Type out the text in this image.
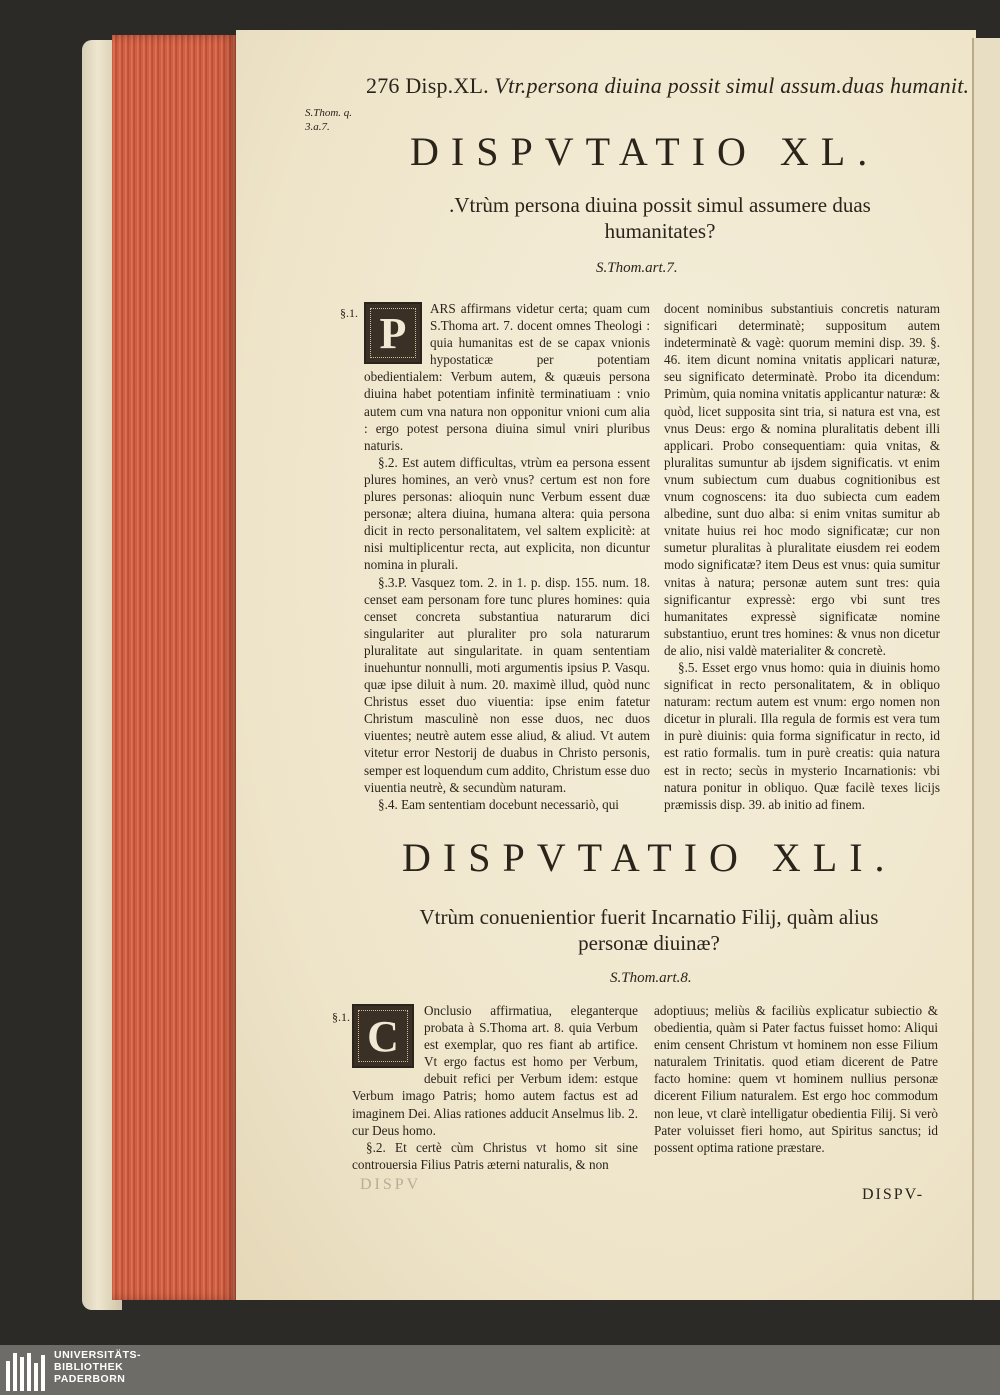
276 Disp.XL. Vtr.persona diuina possit simul assum.duas humanit.
S.Thom. q. 3.a.7.
DISPVTATIO XL.
.Vtrùm persona diuina possit simul assumere duas humanitates?
S.Thom.art.7.
§.1. P	ARS affirmans videtur certa; quam cum S.Thoma art. 7. docent omnes Theologi : quia humanitas est de se capax vnionis hypostaticæ per potentiam obedientialem: Verbum autem, & quæuis persona diuina habet potentiam infinitè terminatiuam : vnio autem cum vna natura non opponitur vnioni cum alia : ergo potest persona diuina simul vniri pluribus naturis.

§.2. Est autem difficultas, vtrùm ea persona essent plures homines, an verò vnus? certum est non fore plures personas: alioquin nunc Verbum essent duæ personæ; altera diuina, humana altera: quia persona dicit in recto personalitatem, vel saltem explicitè: at nisi multiplicentur recta, aut explicita, non dicuntur nomina in plurali.

§.3.P. Vasquez tom. 2. in 1. p. disp. 155. num. 18. censet eam personam fore tunc plures homines: quia censet concreta substantiua naturarum dici singulariter aut pluraliter pro sola naturarum pluralitate aut singularitate. in quam sententiam inuehuntur nonnulli, moti argumentis ipsius P. Vasqu. quæ ipse diluit à num. 20. maximè illud, quòd nunc Christus esset duo viuentia: ipse enim fatetur Christum masculinè non esse duos, nec duos viuentes; neutrè autem esse aliud, & aliud. Vt autem vitetur error Nestorij de duabus in Christo personis, semper est loquendum cum addito, Christum esse duo viuentia neutrè, & secundùm naturam.

§.4. Eam sententiam docebunt necessariò, qui

docent nominibus substantiuis concretis naturam significari determinatè; suppositum autem indeterminatè & vagè: quorum memini disp. 39. §. 46. item dicunt nomina vnitatis applicari naturæ, seu significato determinatè. Probo ita dicendum: Primùm, quia nomina vnitatis applicantur naturæ: & quòd, licet supposita sint tria, si natura est vna, est vnus Deus: ergo & nomina pluralitatis debent illi applicari. Probo consequentiam: quia vnitas, & pluralitas sumuntur ab ijsdem significatis. vt enim vnum subiectum cum duabus cognitionibus est vnum cognoscens: ita duo subiecta cum eadem albedine, sunt duo alba: si enim vnitas sumitur ab vnitate huius rei hoc modo significatæ; cur non sumetur pluralitas à pluralitate eiusdem rei eodem modo significatæ? item Deus est vnus: quia sumitur vnitas à natura; personæ autem sunt tres: quia significantur expressè: ergo vbi sunt tres humanitates expressè significatæ nomine substantiuo, erunt tres homines: & vnus non dicetur de alio, nisi valdè materialiter & concretè.

§.5. Esset ergo vnus homo: quia in diuinis homo significat in recto personalitatem, & in obliquo naturam: rectum autem est vnum: ergo nomen non dicetur in plurali. Illa regula de formis est vera tum in purè diuinis: quia forma significatur in recto, id est ratio formalis. tum in purè creatis: quia natura est in recto; secùs in mysterio Incarnationis: vbi natura ponitur in obliquo. Quæ facilè texes licijs præmissis disp. 39. ab initio ad finem.

DISPVTATIO XLI.
Vtrùm conuenientior fuerit Incarnatio Filij, quàm alius personæ diuinæ?
S.Thom.art.8.
§.1. C

Onclusio affirmatiua, eleganterque probata à S.Thoma art. 8. quia Verbum est exemplar, quo res fiant ab artifice. Vt ergo factus est homo per Verbum, debuit refici per Verbum idem: estque Verbum imago Patris; homo autem factus est ad imaginem Dei. Alias rationes adducit Anselmus lib. 2. cur Deus homo.

§.2. Et certè cùm Christus vt homo sit sine controuersia Filius Patris æterni naturalis, & non

adoptiuus; meliùs & faciliùs explicatur subiectio & obedientia, quàm si Pater factus fuisset homo: Aliqui enim censent Christum vt hominem non esse Filium naturalem Trinitatis. quod etiam dicerent de Patre facto homine: quem vt hominem nullius personæ dicerent Filium naturalem. Est ergo hoc commodum non leue, vt clarè intelligatur obedientia Filij. Si verò Pater voluisset fieri homo, aut Spiritus sanctus; id possent optima ratione præstare.

DISPV
DISPV-
UNIVERSITÄTS-
BIBLIOTHEK
PADERBORN
